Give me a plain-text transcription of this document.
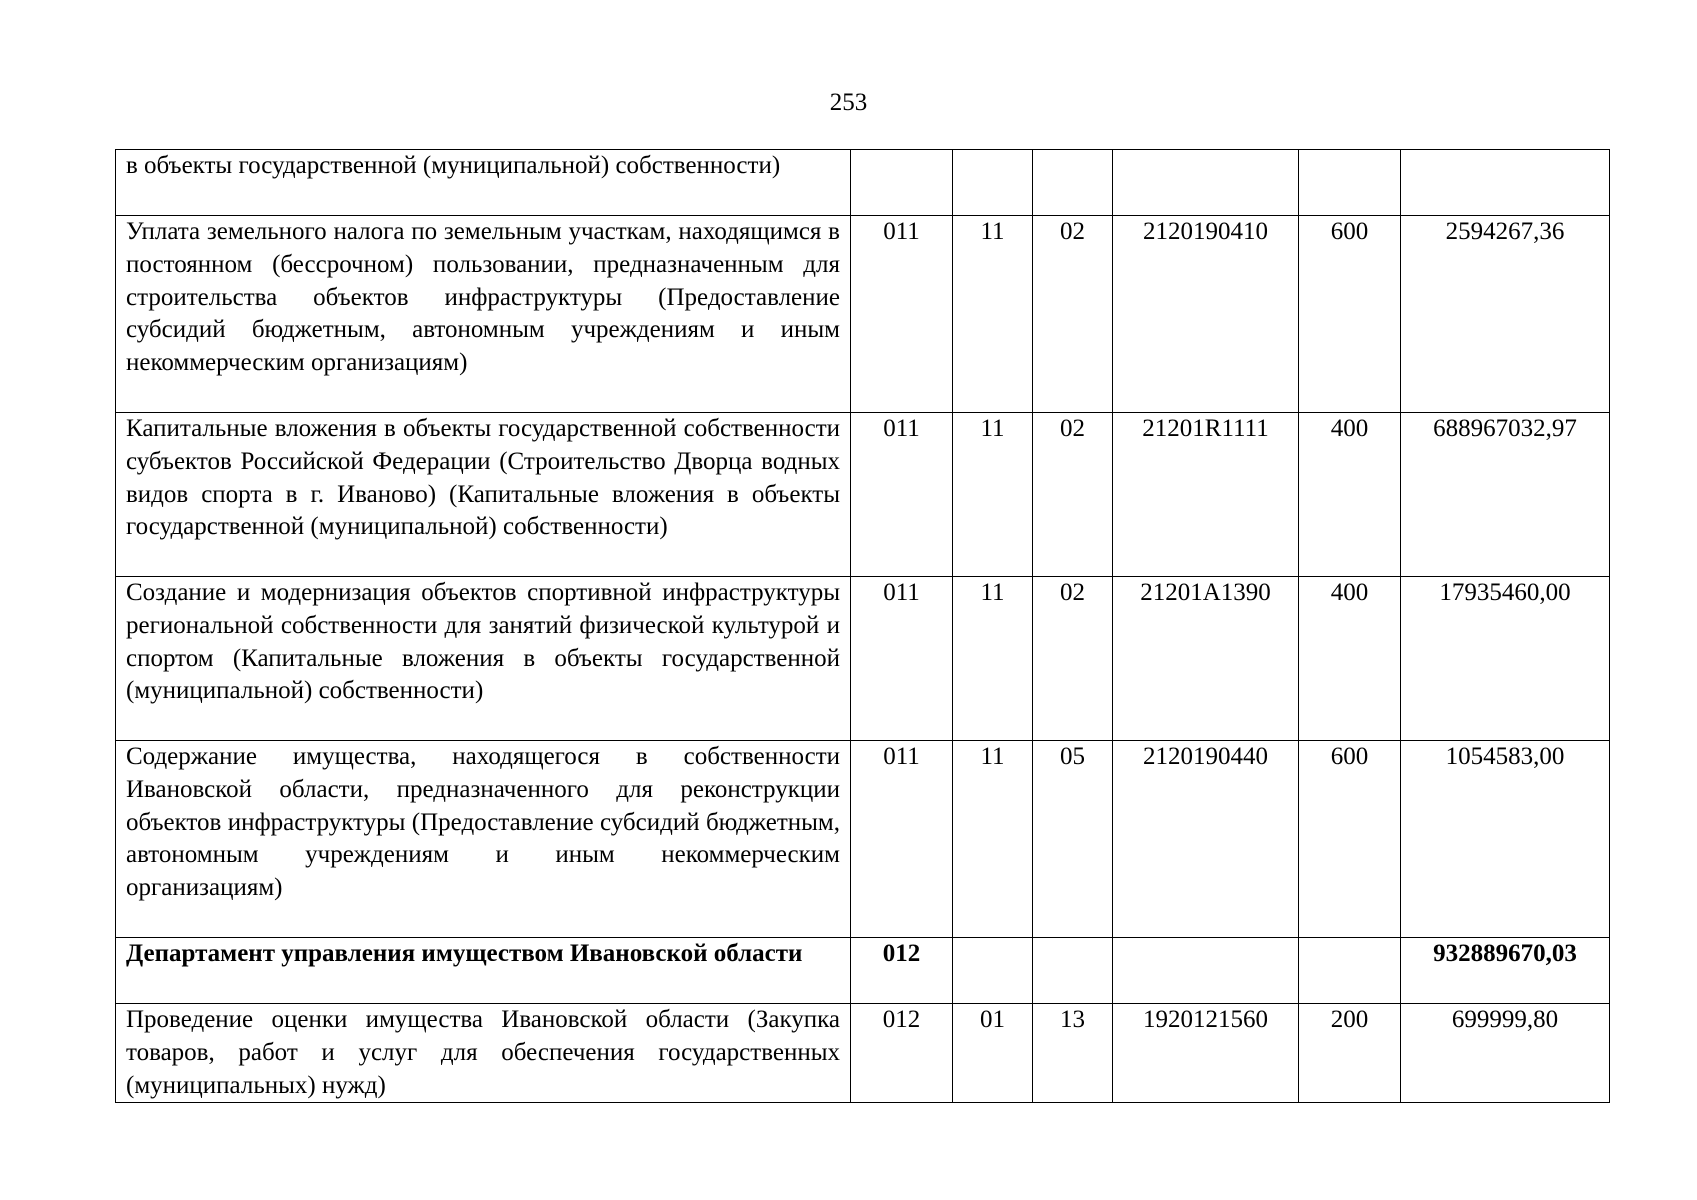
253
в объекты государственной (муниципальной) собственности)						
Уплата земельного налога по земельным участкам, находящимся в постоянном (бессрочном) пользовании, предназначенным для строительства объектов инфраструктуры (Предоставление субсидий бюджетным, автономным учреждениям и иным некоммерческим организациям)	011	11	02	2120190410	600	2594267,36
Капитальные вложения в объекты государственной собственности субъектов Российской Федерации (Строительство Дворца водных видов спорта в г. Иваново) (Капитальные вложения в объекты государственной (муниципальной) собственности)	011	11	02	21201R1111	400	688967032,97
Создание и модернизация объектов спортивной инфраструктуры региональной собственности для занятий физической культурой и спортом (Капитальные вложения в объекты государственной (муниципальной) собственности)	011	11	02	21201A1390	400	17935460,00
Содержание имущества, находящегося в собственности Ивановской области, предназначенного для реконструкции объектов инфраструктуры (Предоставление субсидий бюджетным, автономным учреждениям и иным некоммерческим организациям)	011	11	05	2120190440	600	1054583,00
Департамент управления имуществом Ивановской области	012					932889670,03
Проведение оценки имущества Ивановской области (Закупка товаров, работ и услуг для обеспечения государственных (муниципальных) нужд)	012	01	13	1920121560	200	699999,80
